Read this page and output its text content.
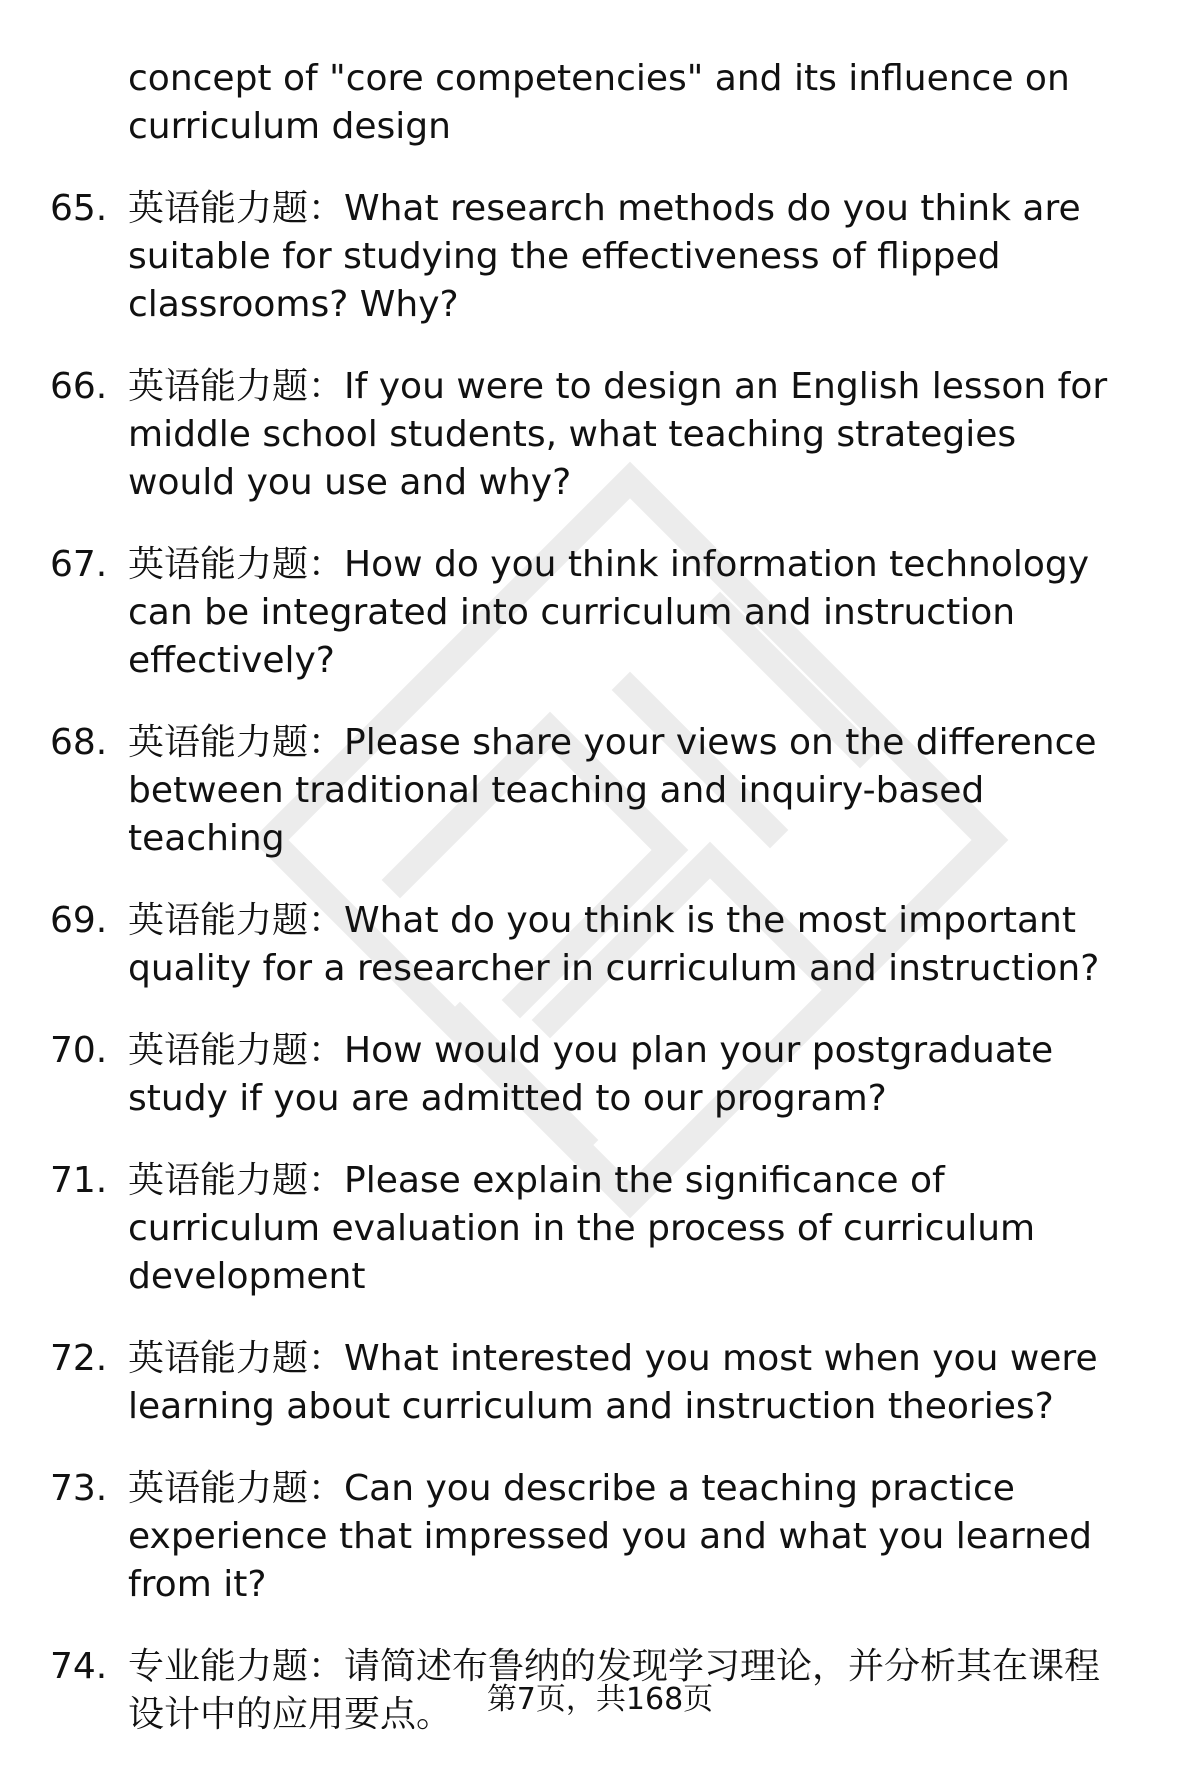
concept of "core competencies" and its influence on curriculum design
65. 英语能力题：What research methods do you think are suitable for studying the effectiveness of flipped classrooms? Why?
66. 英语能力题：If you were to design an English lesson for middle school students, what teaching strategies would you use and why?
67. 英语能力题：How do you think information technology can be integrated into curriculum and instruction effectively?
68. 英语能力题：Please share your views on the difference between traditional teaching and inquiry-based teaching
69. 英语能力题：What do you think is the most important quality for a researcher in curriculum and instruction?
70. 英语能力题：How would you plan your postgraduate study if you are admitted to our program?
71. 英语能力题：Please explain the significance of curriculum evaluation in the process of curriculum development
72. 英语能力题：What interested you most when you were learning about curriculum and instruction theories?
73. 英语能力题：Can you describe a teaching practice experience that impressed you and what you learned from it?
74. 专业能力题：请简述布鲁纳的发现学习理论，并分析其在课程设计中的应用要点。	第7页，共168页
